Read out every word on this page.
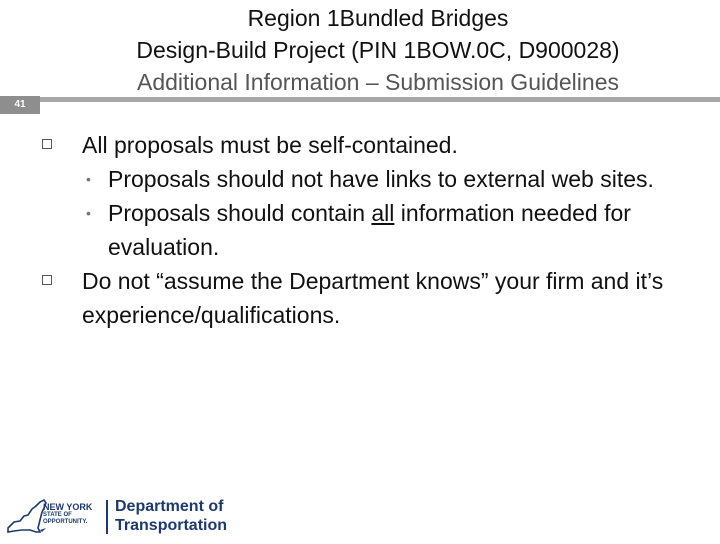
Region 1Bundled Bridges
Design-Build Project (PIN 1BOW.0C, D900028)
Additional Information – Submission Guidelines
41
All proposals must be self-contained.
• Proposals should not have links to external web sites.
• Proposals should contain all information needed for evaluation.
Do not “assume the Department knows” your firm and it’s experience/qualifications.
NEW YORK
STATE OF OPPORTUNITY.
Department of
Transportation
